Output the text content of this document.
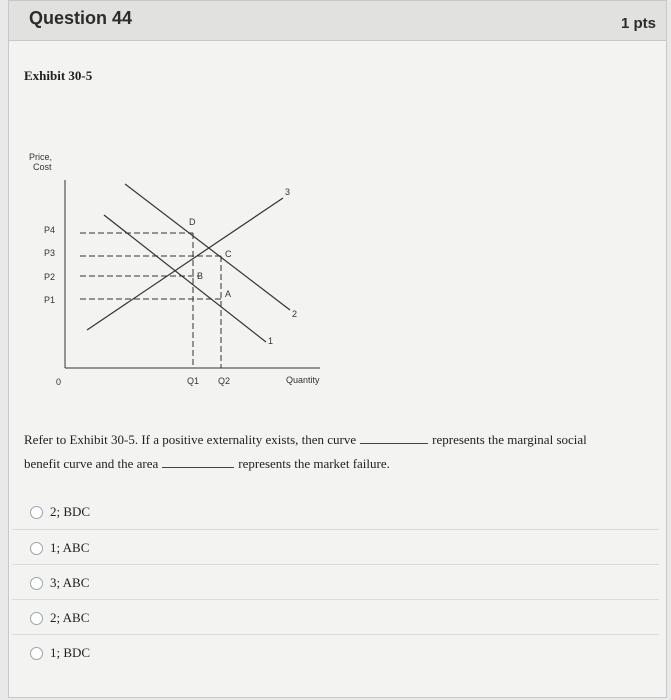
Question 44	1 pts
Exhibit 30-5
Price,
Cost
Quantity
0
P4
P3
P2
P1
Q1 Q2
3
2
1
D
C
B
A
Refer to Exhibit 30-5. If a positive externality exists, then curve	represents the marginal social
benefit curve and the area	represents the market failure.
2; BDC
1; ABC
3; ABC
2; ABC
1; BDC
